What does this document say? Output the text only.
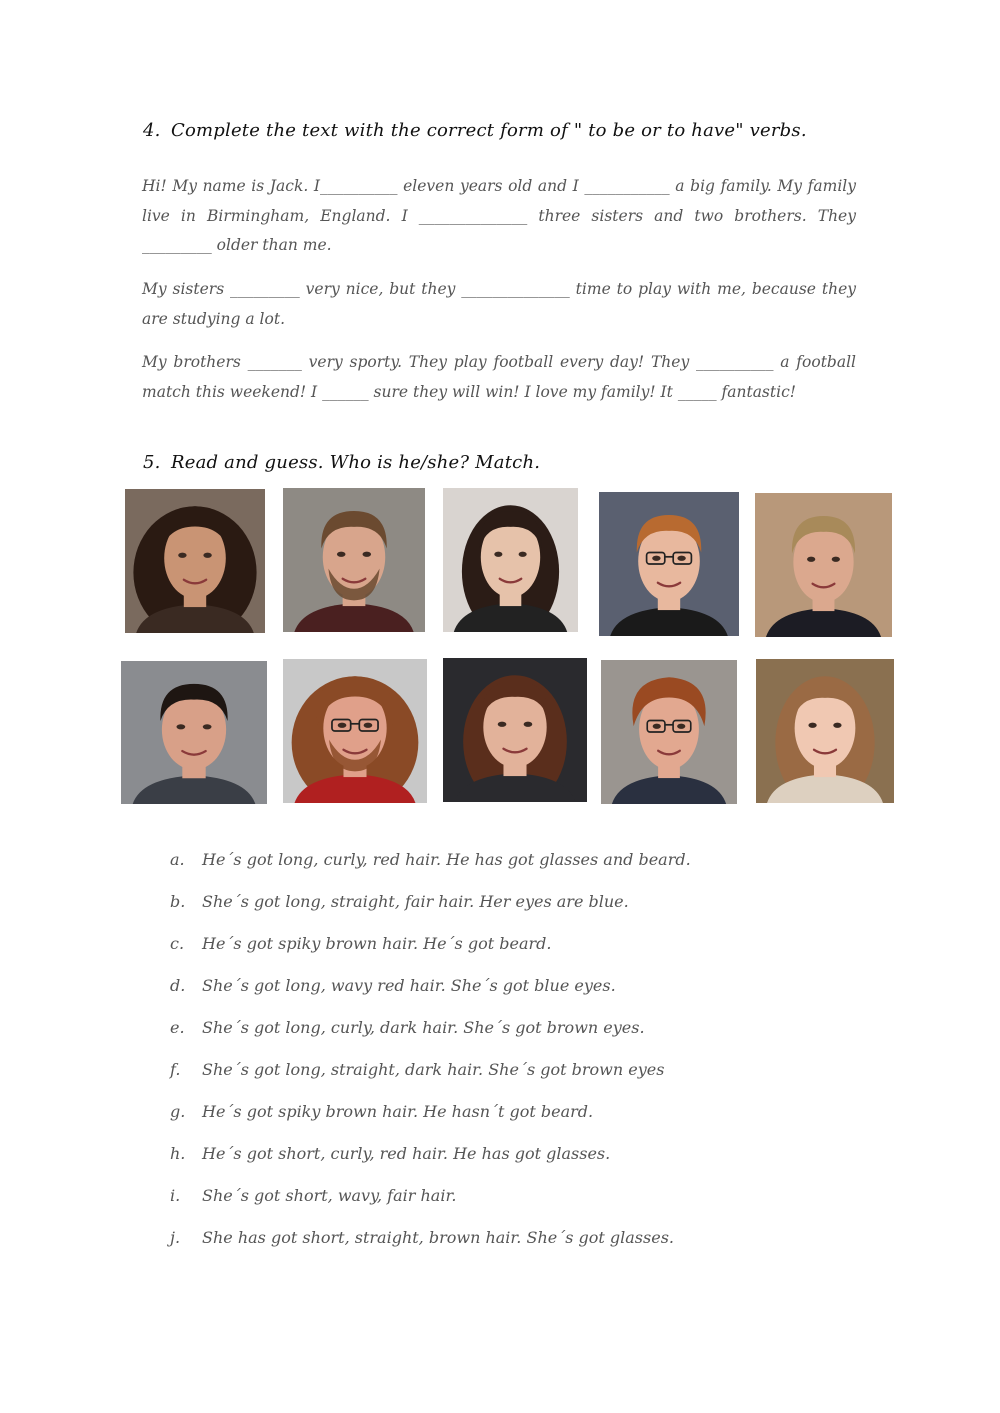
4. Complete the text with the correct form of " to be or to have" verbs.
Hi! My name is Jack. I__________ eleven years old and I ___________ a big family. My family live in Birmingham, England. I ______________ three sisters and two brothers. They _________ older than me.
My sisters _________ very nice, but they ______________ time to play with me, because they are studying a lot.
My brothers _______ very sporty. They play football every day! They __________ a football match this weekend! I ______ sure they will win! I love my family! It _____ fantastic!
5. Read and guess. Who is he/she? Match.
a. He´s got long, curly, red hair. He has got glasses and beard.
b. She´s got long, straight, fair hair. Her eyes are blue.
c. He´s got spiky brown hair. He´s got beard.
d. She´s got long, wavy red hair. She´s got blue eyes.
e. She´s got long, curly, dark hair. She´s got brown eyes.
f. She´s got long, straight, dark hair. She´s got brown eyes
g. He´s got spiky brown hair. He hasn´t got beard.
h. He´s got short, curly, red hair. He has got glasses.
i. She´s got short, wavy, fair hair.
j. She has got short, straight, brown hair. She´s got glasses.
